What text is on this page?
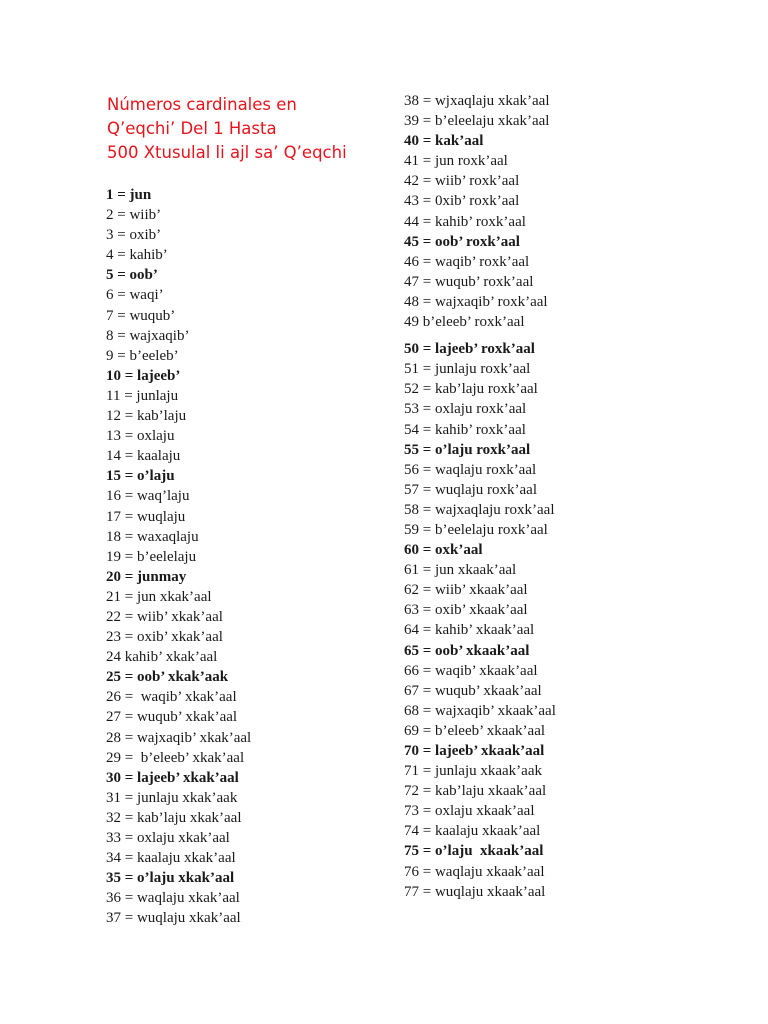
Números cardinales en
Q’eqchi’ Del 1 Hasta
500 Xtusulal li ajl sa’ Q’eqchi
1 = jun
2 = wiib’
3 = oxib’
4 = kahib’
5 = oob’
6 = waqi’
7 = wuqub’
8 = wajxaqib’
9 = b’eeleb’
10 = lajeeb’
11 = junlaju
12 = kab’laju
13 = oxlaju
14 = kaalaju
15 = o’laju
16 = waq’laju
17 = wuqlaju
18 = waxaqlaju
19 = b’eelelaju
20 = junmay
21 = jun xkak’aal
22 = wiib’ xkak’aal
23 = oxib’ xkak’aal
24 kahib’ xkak’aal
25 = oob’ xkak’aak
26 =  waqib’ xkak’aal
27 = wuqub’ xkak’aal
28 = wajxaqib’ xkak’aal
29 =  b’eleeb’ xkak’aal
30 = lajeeb’ xkak’aal
31 = junlaju xkak’aak
32 = kab’laju xkak’aal
33 = oxlaju xkak’aal
34 = kaalaju xkak’aal
35 = o’laju xkak’aal
36 = waqlaju xkak’aal
37 = wuqlaju xkak’aal
38 = wjxaqlaju xkak’aal
39 = b’eleelaju xkak’aal
40 = kak’aal
41 = jun roxk’aal
42 = wiib’ roxk’aal
43 = 0xib’ roxk’aal
44 = kahib’ roxk’aal
45 = oob’ roxk’aal
46 = waqib’ roxk’aal
47 = wuqub’ roxk’aal
48 = wajxaqib’ roxk’aal
49 b’eleeb’ roxk’aal
50 = lajeeb’ roxk’aal
51 = junlaju roxk’aal
52 = kab’laju roxk’aal
53 = oxlaju roxk’aal
54 = kahib’ roxk’aal
55 = o’laju roxk’aal
56 = waqlaju roxk’aal
57 = wuqlaju roxk’aal
58 = wajxaqlaju roxk’aal
59 = b’eelelaju roxk’aal
60 = oxk’aal
61 = jun xkaak’aal
62 = wiib’ xkaak’aal
63 = oxib’ xkaak’aal
64 = kahib’ xkaak’aal
65 = oob’ xkaak’aal
66 = waqib’ xkaak’aal
67 = wuqub’ xkaak’aal
68 = wajxaqib’ xkaak’aal
69 = b’eleeb’ xkaak’aal
70 = lajeeb’ xkaak’aal
71 = junlaju xkaak’aak
72 = kab’laju xkaak’aal
73 = oxlaju xkaak’aal
74 = kaalaju xkaak’aal
75 = o’laju  xkaak’aal
76 = waqlaju xkaak’aal
77 = wuqlaju xkaak’aal
